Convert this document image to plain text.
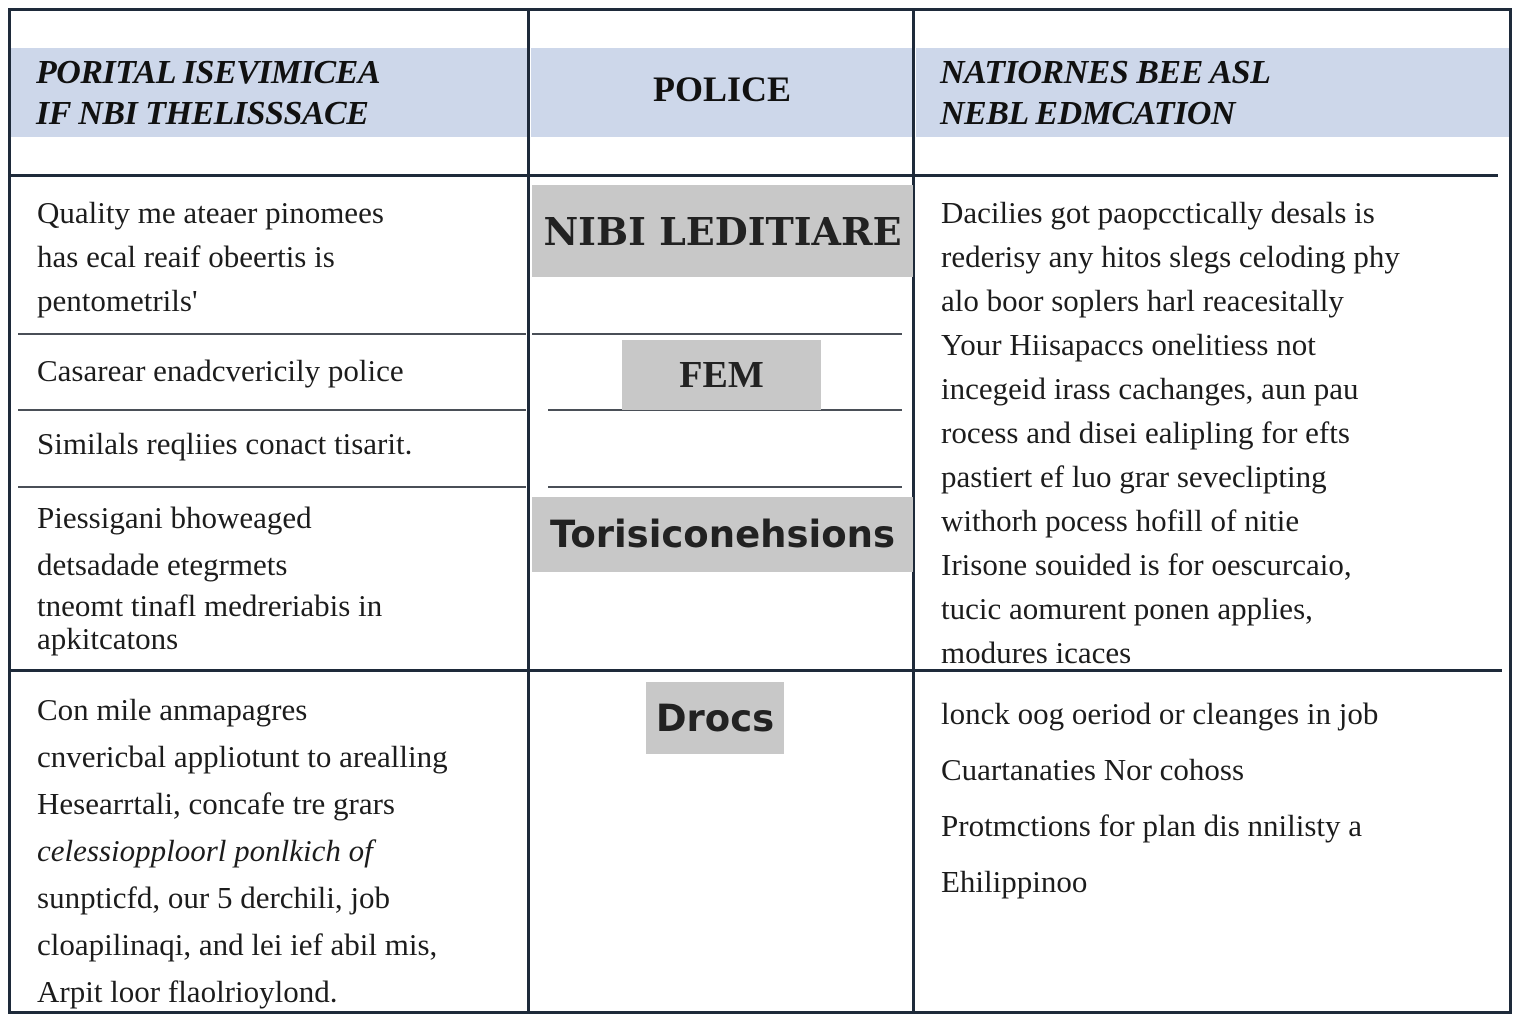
PORITAL ISEVIMICEA
IF NBI THELISSSACE
POLICE	NATIORNES BEE ASL
NEBL EDMCATION
NIBI LEDITIARE
FEM
Torisiconehsions
Drocs
Quality me ateaer pinomees
has ecal reaif obeertis is
pentometrils'
Casarear enadcvericily police
Similals reqliies conact tisarit.
Piessigani bhoweaged
detsadade etegrmets
tneomt tinafl medreriabis in
apkitcatons
Con mile anmapagres
cnvericbal appliotunt to arealling
Hesearrtali, concafe tre grars
celessiopploorl ponlkich of
sunpticfd, our 5 derchili, job
cloapilinaqi, and lei ief abil mis,
Arpit loor flaolrioylond.
Dacilies got paopcctically desals is
rederisy any hitos slegs celoding phy
alo boor soplers harl reacesitally
Your Hiisapaccs onelitiess not
incegeid irass cachanges, aun pau
rocess and disei ealipling for efts
pastiert ef luo grar seveclipting
withorh pocess hofill of nitie
Irisone souided is for oescurcaio,
tucic aomurent ponen applies,
modures icaces
lonck oog oeriod or cleanges in job
Cuartanaties Nor cohoss
Protmctions for plan dis nnilisty a
Ehilippinoo
